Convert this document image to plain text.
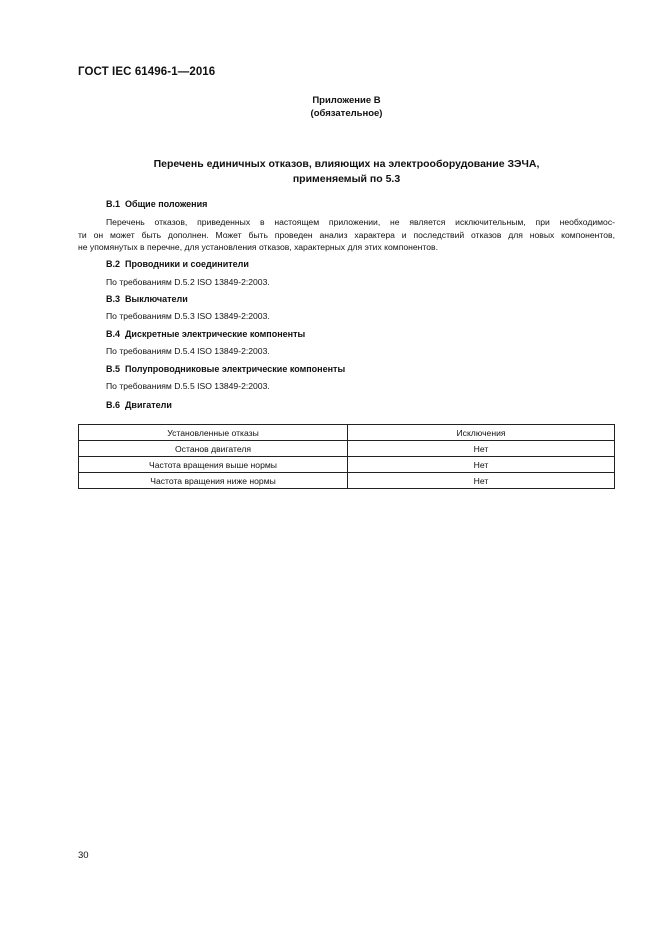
ГОСТ IEC 61496-1—2016
Приложение В
(обязательное)
Перечень единичных отказов, влияющих на электрооборудование ЗЭЧА,
применяемый по 5.3
В.1 Общие положения
Перечень отказов, приведенных в настоящем приложении, не является исключительным, при необходимос-
ти он может быть дополнен. Может быть проведен анализ характера и последствий отказов для новых компонентов,
не упомянутых в перечне, для установления отказов, характерных для этих компонентов.
В.2 Проводники и соединители
По требованиям D.5.2 ISO 13849-2:2003.
В.3 Выключатели
По требованиям D.5.3 ISO 13849-2:2003.
В.4 Дискретные электрические компоненты
По требованиям D.5.4 ISO 13849-2:2003.
В.5 Полупроводниковые электрические компоненты
По требованиям D.5.5 ISO 13849-2:2003.
В.6 Двигатели
Установленные отказы	Исключения
Останов двигателя	Нет
Частота вращения выше нормы	Нет
Частота вращения ниже нормы	Нет
30
